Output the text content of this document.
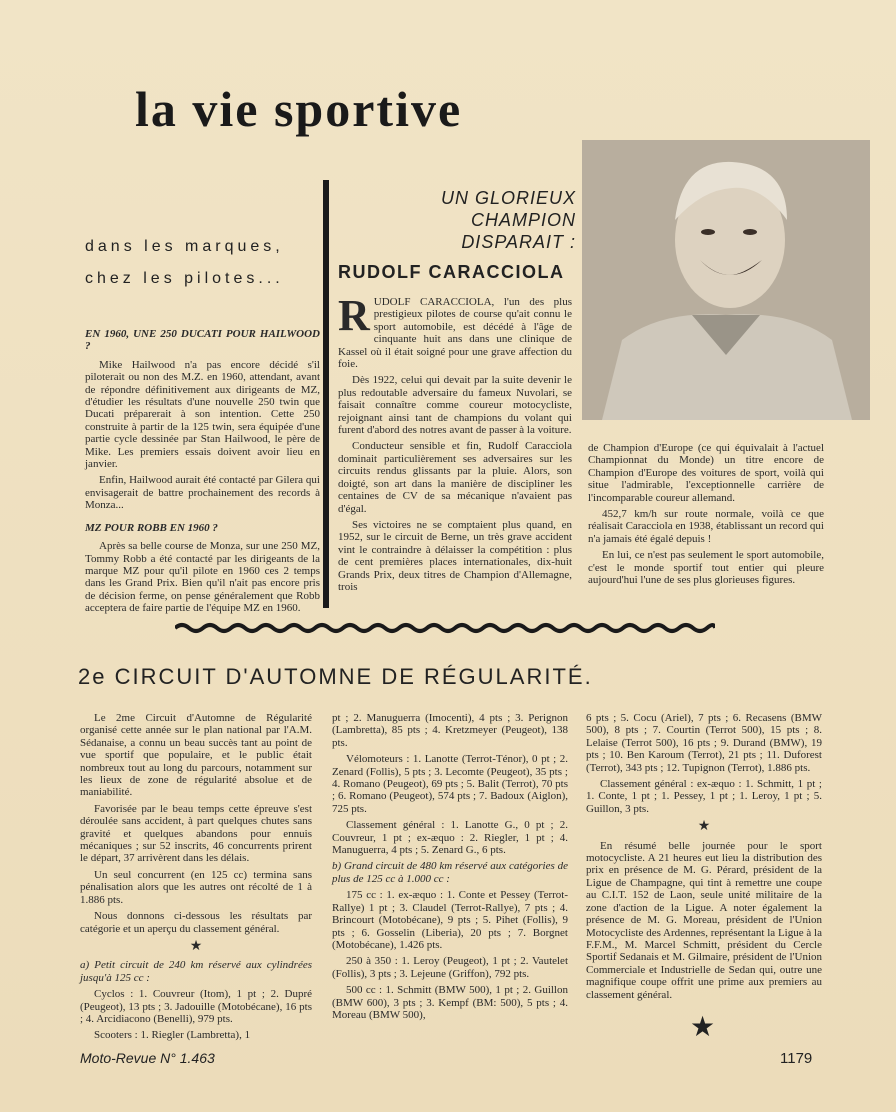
la vie sportive
dans les marques,
chez les pilotes...

EN 1960, UNE 250 DUCATI POUR HAILWOOD ?

Mike Hailwood n'a pas encore décidé s'il piloterait ou non des M.Z. en 1960, attendant, avant de répondre définitivement aux dirigeants de MZ, d'étudier les résultats d'une nouvelle 250 twin que Ducati préparerait à son intention. Cette 250 construite à partir de la 125 twin, sera équipée d'une partie cycle dessinée par Stan Hailwood, le père de Mike. Les premiers essais doivent avoir lieu en janvier.

Enfin, Hailwood aurait été contacté par Gilera qui envisagerait de battre prochainement des records à Monza...

MZ POUR ROBB EN 1960 ?

Après sa belle course de Monza, sur une 250 MZ, Tommy Robb a été contacté par les dirigeants de la marque MZ pour qu'il pilote en 1960 ces 2 temps dans les Grand Prix. Bien qu'il n'ait pas encore pris de décision ferme, on pense généralement que Robb acceptera de faire partie de l'équipe MZ en 1960.

UN GLORIEUX
CHAMPION
DISPARAIT :
RUDOLF CARACCIOLA

RUDOLF CARACCIOLA, l'un des plus prestigieux pilotes de course qu'ait connu le sport automobile, est décédé à l'âge de cinquante huit ans dans une clinique de Kassel où il était soigné pour une grave affection du foie.

Dès 1922, celui qui devait par la suite devenir le plus redoutable adversaire du fameux Nuvolari, se faisait connaître comme coureur motocycliste, rejoignant ainsi tant de champions du volant qui furent d'abord des notres avant de passer à la voiture.

Conducteur sensible et fin, Rudolf Caracciola dominait particulièrement ses adversaires sur les circuits rendus glissants par la pluie. Alors, son doigté, son art dans la manière de discipliner les centaines de CV de sa mécanique n'avaient pas d'égal.

Ses victoires ne se comptaient plus quand, en 1952, sur le circuit de Berne, un très grave accident vint le contraindre à délaisser la compétition : plus de cent premières places internationales, dix-huit Grands Prix, deux titres de Champion d'Allemagne, trois

de Champion d'Europe (ce qui équivalait à l'actuel Championnat du Monde) un titre encore de Champion d'Europe des voitures de sport, voilà qui situe l'admirable, l'exceptionnelle carrière de l'incomparable coureur allemand.

452,7 km/h sur route normale, voilà ce que réalisait Caracciola en 1938, établissant un record qui n'a jamais été égalé depuis !

En lui, ce n'est pas seulement le sport automobile, c'est le monde sportif tout entier qui pleure aujourd'hui l'une de ses plus glorieuses figures.

2e CIRCUIT D'AUTOMNE DE RÉGULARITÉ.

Le 2me Circuit d'Automne de Régularité organisé cette année sur le plan national par l'A.M. Sédanaise, a connu un beau succès tant au point de vue sportif que populaire, et le public était nombreux tout au long du parcours, notamment sur les lieux de zone de régularité absolue et de maniabilité.

Favorisée par le beau temps cette épreuve s'est déroulée sans accident, à part quelques chutes sans gravité et quelques abandons pour ennuis mécaniques ; sur 52 inscrits, 46 concurrents prirent le départ, 37 arrivèrent dans les délais.

Un seul concurrent (en 125 cc) termina sans pénalisation alors que les autres ont récolté de 1 à 1.886 pts.

Nous donnons ci-dessous les résultats par catégorie et un aperçu du classement général.

★

a) Petit circuit de 240 km réservé aux cylindrées jusqu'à 125 cc :

Cyclos : 1. Couvreur (Itom), 1 pt ; 2. Dupré (Peugeot), 13 pts ; 3. Jadouille (Motobécane), 16 pts ; 4. Arcidiacono (Benelli), 979 pts.

Scooters : 1. Riegler (Lambretta), 1

pt ; 2. Manuguerra (Imocenti), 4 pts ; 3. Perignon (Lambretta), 85 pts ; 4. Kretzmeyer (Peugeot), 138 pts.

Vélomoteurs : 1. Lanotte (Terrot-Ténor), 0 pt ; 2. Zenard (Follis), 5 pts ; 3. Lecomte (Peugeot), 35 pts ; 4. Romano (Peugeot), 69 pts ; 5. Balit (Terrot), 70 pts ; 6. Romano (Peugeot), 574 pts ; 7. Badoux (Aiglon), 725 pts.

Classement général : 1. Lanotte G., 0 pt ; 2. Couvreur, 1 pt ; ex-æquo : 2. Riegler, 1 pt ; 4. Manuguerra, 4 pts ; 5. Zenard G., 6 pts.

b) Grand circuit de 480 km réservé aux catégories de plus de 125 cc à 1.000 cc :

175 cc : 1. ex-æquo : 1. Conte et Pessey (Terrot-Rallye) 1 pt ; 3. Claudel (Terrot-Rallye), 7 pts ; 4. Brincourt (Motobécane), 9 pts ; 5. Pihet (Follis), 9 pts ; 6. Gosselin (Liberia), 20 pts ; 7. Borgnet (Motobécane), 1.426 pts.

250 à 350 : 1. Leroy (Peugeot), 1 pt ; 2. Vautelet (Follis), 3 pts ; 3. Lejeune (Griffon), 792 pts.

500 cc : 1. Schmitt (BMW 500), 1 pt ; 2. Guillon (BMW 600), 3 pts ; 3. Kempf (BM: 500), 5 pts ; 4. Moreau (BMW 500),

6 pts ; 5. Cocu (Ariel), 7 pts ; 6. Recasens (BMW 500), 8 pts ; 7. Courtin (Terrot 500), 15 pts ; 8. Lelaise (Terrot 500), 16 pts ; 9. Durand (BMW), 19 pts ; 10. Ben Karoum (Terrot), 21 pts ; 11. Duforest (Terrot), 343 pts ; 12. Tupignon (Terrot), 1.886 pts.

Classement général : ex-æquo : 1. Schmitt, 1 pt ; 1. Conte, 1 pt ; 1. Pessey, 1 pt ; 1. Leroy, 1 pt ; 5. Guillon, 3 pts.

★

En résumé belle journée pour le sport motocycliste. A 21 heures eut lieu la distribution des prix en présence de M. G. Pérard, président de la Ligue de Champagne, qui tint à remettre une coupe au C.I.T. 152 de Laon, seule unité militaire de la zone d'action de la Ligue. A noter également la présence de M. G. Moreau, président de l'Union Motocycliste des Ardennes, représentant la Ligue à la F.F.M., M. Marcel Schmitt, président du Cercle Sportif Sedanais et M. Gilmaire, président de l'Union Commerciale et Industrielle de Sedan qui, outre une magnifique coupe offrit une prime aux premiers au classement général.

★
Moto-Revue N° 1.463	1179
